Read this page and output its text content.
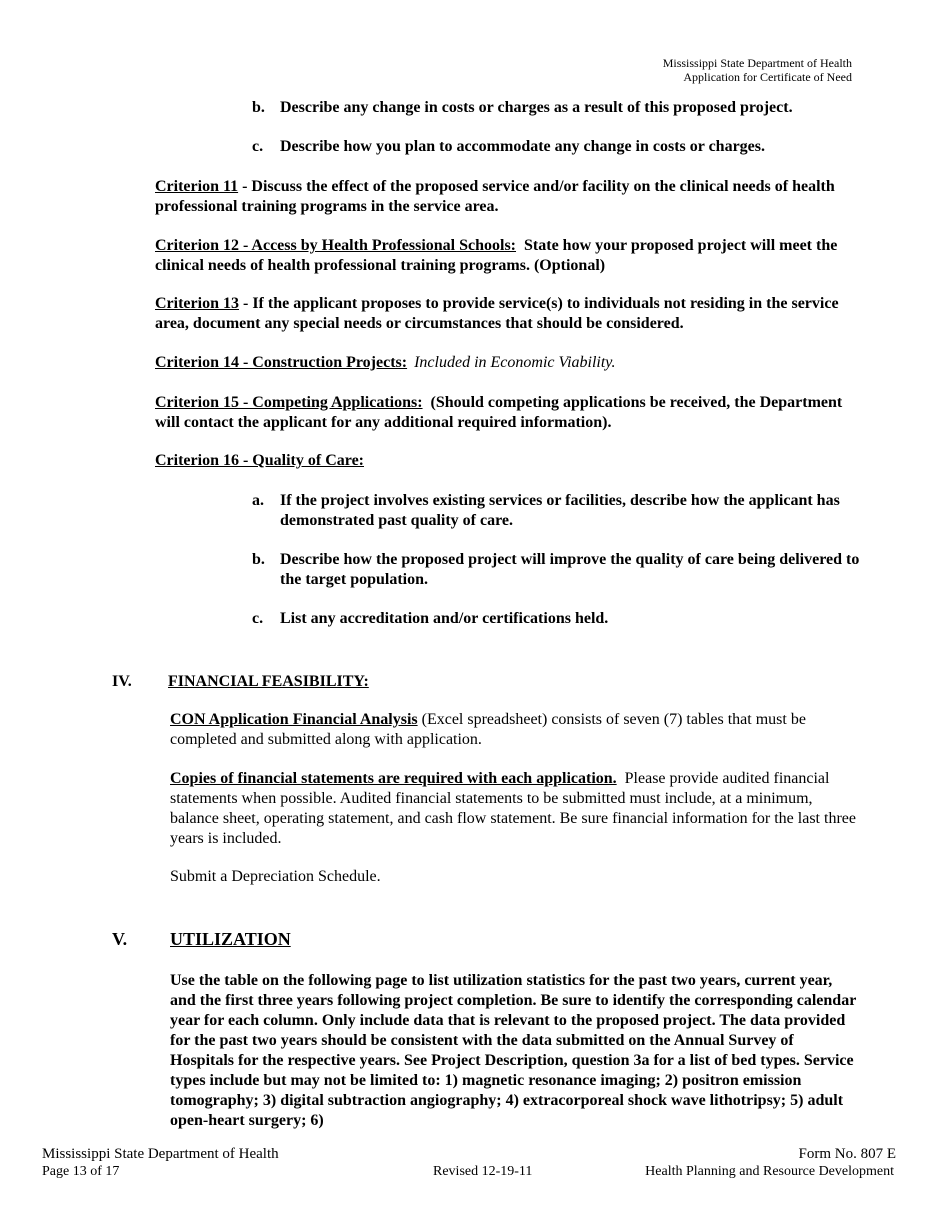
Mississippi State Department of Health
Application for Certificate of Need
b. Describe any change in costs or charges as a result of this proposed project.
c.	Describe how you plan to accommodate any change in costs or charges.
Criterion 11 - Discuss the effect of the proposed service and/or facility on the clinical needs of health professional training programs in the service area.
Criterion 12 - Access by Health Professional Schools:  State how your proposed project will meet the clinical needs of health professional training programs. (Optional)
Criterion 13 - If the applicant proposes to provide service(s) to individuals not residing in the service area, document any special needs or circumstances that should be considered.
Criterion 14 - Construction Projects: Included in Economic Viability.
Criterion 15 - Competing Applications:  (Should competing applications be received, the Department will contact the applicant for any additional required information).
Criterion 16 - Quality of Care:
a.	If the project involves existing services or facilities, describe how the applicant has demonstrated past quality of care.
b. Describe how the proposed project will improve the quality of care being delivered to the target population.
c.	List any accreditation and/or certifications held.
IV. FINANCIAL FEASIBILITY:
CON Application Financial Analysis (Excel spreadsheet) consists of seven (7) tables that must be completed and submitted along with application.
Copies of financial statements are required with each application.  Please provide audited financial statements when possible. Audited financial statements to be submitted must include, at a minimum, balance sheet, operating statement, and cash flow statement. Be sure financial information for the last three years is included.
Submit a Depreciation Schedule.
V. UTILIZATION
Use the table on the following page to list utilization statistics for the past two years, current year, and the first three years following project completion. Be sure to identify the corresponding calendar year for each column. Only include data that is relevant to the proposed project. The data provided for the past two years should be consistent with the data submitted on the Annual Survey of Hospitals for the respective years. See Project Description, question 3a for a list of bed types. Service types include but may not be limited to: 1) magnetic resonance imaging; 2) positron emission tomography; 3) digital subtraction angiography; 4) extracorporeal shock wave lithotripsy; 5) adult open-heart surgery; 6)
Mississippi State Department of Health
Page 13 of 17	Revised 12-19-11
Form No. 807 E
Health Planning and Resource Development
